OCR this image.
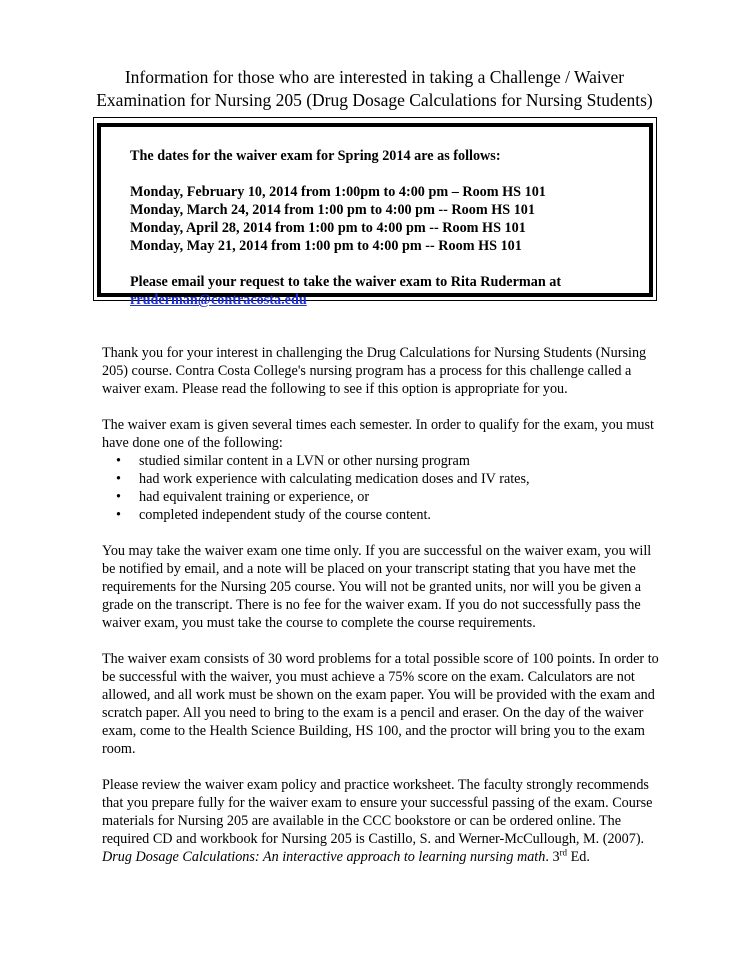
Information for those who are interested in taking a Challenge / Waiver
Examination for Nursing 205 (Drug Dosage Calculations for Nursing Students)

The dates for the waiver exam for Spring 2014 are as follows:

Monday, February 10, 2014 from 1:00pm to 4:00 pm – Room HS 101

Monday, March 24, 2014 from 1:00 pm to 4:00 pm -- Room HS 101

Monday, April 28, 2014 from 1:00 pm to 4:00 pm -- Room HS 101

Monday, May 21, 2014 from 1:00 pm to 4:00 pm -- Room HS 101

Please email your request to take the waiver exam to Rita Ruderman at

rruderman@contracosta.edu

Thank you for your interest in challenging the Drug Calculations for Nursing Students (Nursing 205) course. Contra Costa College's nursing program has a process for this challenge called a waiver exam. Please read the following to see if this option is appropriate for you.

The waiver exam is given several times each semester. In order to qualify for the exam, you must have done one of the following:

• studied similar content in a LVN or other nursing program
• had work experience with calculating medication doses and IV rates,
• had equivalent training or experience, or
• completed independent study of the course content.

You may take the waiver exam one time only. If you are successful on the waiver exam, you will be notified by email, and a note will be placed on your transcript stating that you have met the requirements for the Nursing 205 course. You will not be granted units, nor will you be given a grade on the transcript. There is no fee for the waiver exam. If you do not successfully pass the waiver exam, you must take the course to complete the course requirements.

The waiver exam consists of 30 word problems for a total possible score of 100 points. In order to be successful with the waiver, you must achieve a 75% score on the exam. Calculators are not allowed, and all work must be shown on the exam paper. You will be provided with the exam and scratch paper. All you need to bring to the exam is a pencil and eraser. On the day of the waiver exam, come to the Health Science Building, HS 100, and the proctor will bring you to the exam room.

Please review the waiver exam policy and practice worksheet. The faculty strongly recommends that you prepare fully for the waiver exam to ensure your successful passing of the exam. Course materials for Nursing 205 are available in the CCC bookstore or can be ordered online. The required CD and workbook for Nursing 205 is Castillo, S. and Werner-McCullough, M. (2007). Drug Dosage Calculations: An interactive approach to learning nursing math. 3rd Ed.
